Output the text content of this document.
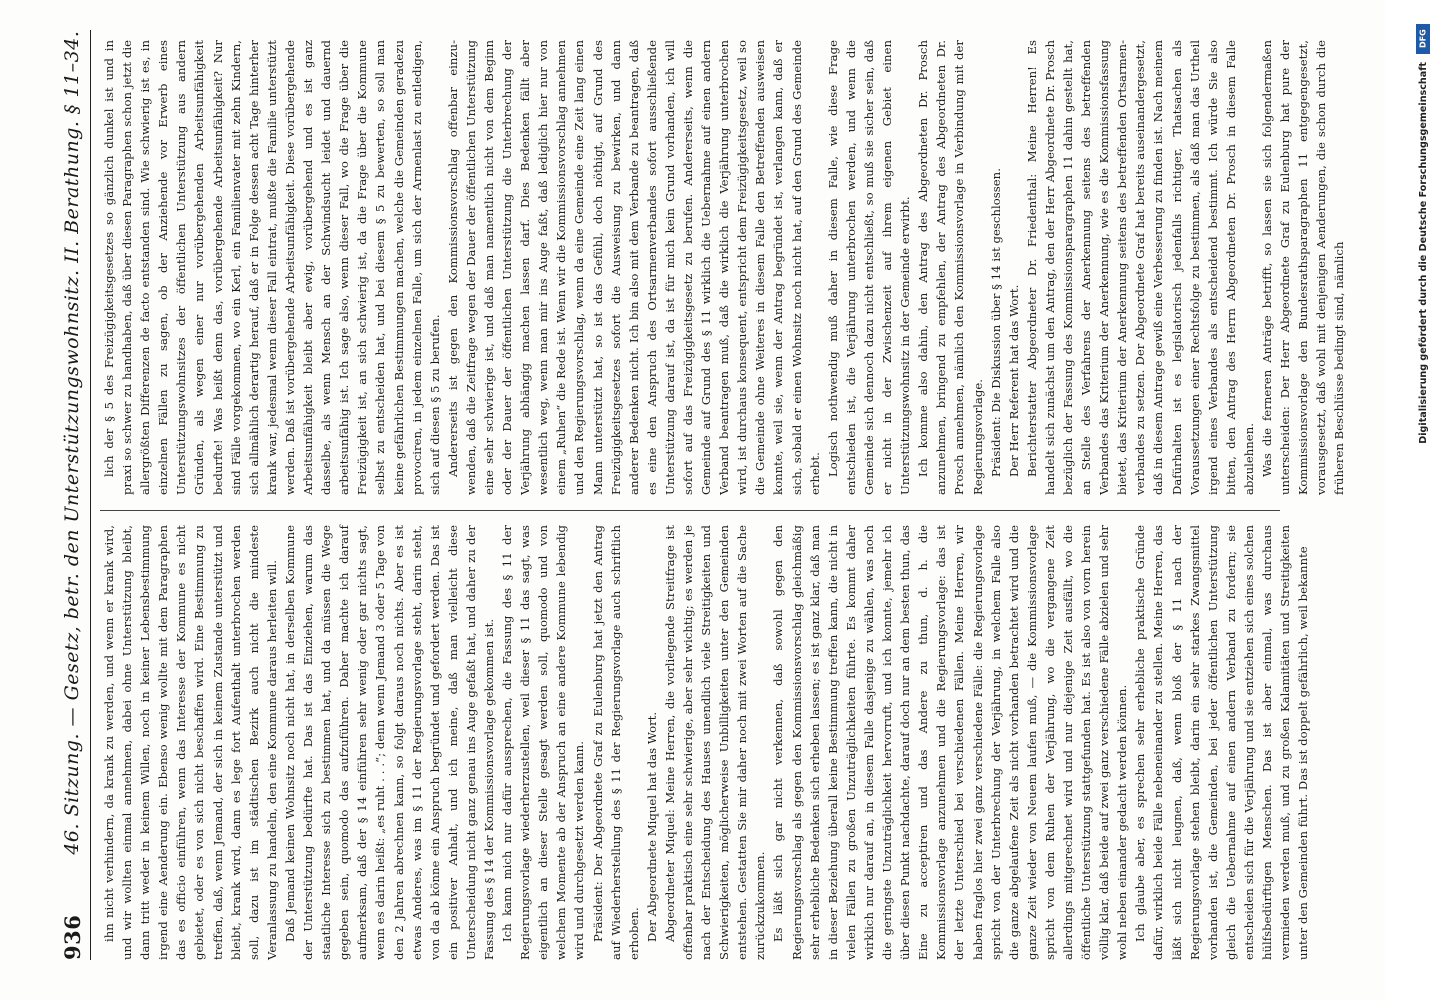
936
46. Sitzung. — Gesetz, betr. den Unterstützungswohnsitz. II. Berathung. § 11–34. ihn nicht verhindern, da krank zu werden, und wenn er krank wird, und wir wollten einmal annehmen, dabei ohne Unterstützung bleibt, dann tritt weder in keinem Willen, noch in keiner Lebensbestimmung irgend eine Aenderung ein. Ebenso wenig wollte mit dem Paragraphen das es officio einführen, wenn das Interesse der Kommune es nicht gebietet, oder es von sich nicht beschaffen wird. Eine Bestimmung zu treffen, daß, wenn Jemand, der sich in keinem Zustande unterstützt und bleibt, krank wird, dann es lege fort Aufenthalt unterbrochen werden soll, dazu ist im städtischen Bezirk auch nicht die mindeste Veranlassung zu handeln, den eine Kommune daraus herleiten will. Daß Jemand keinen Wohnsitz noch nicht hat, in derselben Kommune der Unterstützung bedürfte hat. Das ist das Einziehen, warum das staatliche Interesse sich zu bestimmen hat, und da müssen die Wege gegeben sein, quomodo das aufzuführen. Daher machte ich darauf aufmerksam, daß der § 14 einführen sehr wenig oder gar nichts sagt, wenn es darin heißt: „es ruht . . .“; denn wenn Jemand 3 oder 5 Tage von den 2 Jahren abrechnen kann, so folgt daraus noch nichts. Aber es ist etwas Anderes, was im § 11 der Regierungsvorlage steht, darin steht, von da ab könne ein Anspruch begründet und gefordert werden. Das ist ein positiver Anhalt, und ich meine, daß man vielleicht diese Unterscheidung nicht ganz genau ins Auge gefaßt hat, und daher zu der Fassung des § 14 der Kommissionsvorlage gekommen ist. Ich kann mich nur dafür aussprechen, die Fassung des § 11 der Regierungsvorlage wiederherzustellen, weil dieser § 11 das sagt, was eigentlich an dieser Stelle gesagt werden soll, quomodo und von welchem Momente ab der Anspruch an eine andere Kommune lebendig wird und durchgesetzt werden kann. Präsident: Der Abgeordnete Graf zu Eulenburg hat jetzt den Antrag auf Wiederherstellung des § 11 der Regierungsvorlage auch schriftlich erhoben. Der Abgeordnete Miquel hat das Wort. Abgeordneter Miquel: Meine Herren, die vorliegende Streitfrage ist offenbar praktisch eine sehr schwierige, aber sehr wichtig; es werden je nach der Entscheidung des Hauses unendlich viele Streitigkeiten und Schwierigkeiten, möglicherweise Unbilligkeiten unter den Gemeinden entstehen. Gestatten Sie mir daher noch mit zwei Worten auf die Sache zurückzukommen. Es läßt sich gar nicht verkennen, daß sowohl gegen den Regierungsvorschlag als gegen den Kommissionsvorschlag gleichmäßig sehr erhebliche Bedenken sich erheben lassen; es ist ganz klar, daß man in dieser Beziehung überall keine Bestimmung treffen kann, die nicht in vielen Fällen zu großen Unzuträglichkeiten führte. Es kommt daher wirklich nur darauf an, in diesem Falle dasjenige zu wählen, was noch die geringste Unzuträglichkeit hervorruft, und ich konnte, jemehr ich über diesen Punkt nachdachte, darauf doch nur an dem besten thun, das Eine zu acceptiren und das Andere zu thun, d. h. die Kommissionsvorlage anzunehmen und die Regierungsvorlage: das ist der letzte Unterschied bei verschiedenen Fällen. Meine Herren, wir haben fraglos hier zwei ganz verschiedene Fälle: die Regierungsvorlage spricht von der Unterbrechung der Verjährung, in welchem Falle also die ganze abgelaufene Zeit als nicht vorhanden betrachtet wird und die ganze Zeit wieder von Neuem laufen muß, — die Kommissionsvorlage spricht von dem Ruhen der Verjährung, wo die vergangene Zeit allerdings mitgerechnet wird und nur diejenige Zeit ausfällt, wo die öffentliche Unterstützung stattgefunden hat. Es ist also von vorn herein völlig klar, daß beide auf zwei ganz verschiedene Fälle abzielen und sehr wohl neben einander gedacht werden können. Ich glaube aber, es sprechen sehr erhebliche praktische Gründe dafür, wirklich beide Fälle nebeneinander zu stellen. Meine Herren, das läßt sich nicht leugnen, daß, wenn bloß der § 11 nach der Regierungsvorlage stehen bleibt, darin ein sehr starkes Zwangsmittel vorhanden ist, die Gemeinden, bei jeder öffentlichen Unterstützung gleich die Uebernahme auf einen andern Verband zu fordern; sie entscheiden sich für die Verjährung und sie entziehen sich eines solchen hülfsbedürftigen Menschen. Das ist aber einmal, was durchaus vermieden werden muß, und zu großen Kalamitäten und Streitigkeiten unter den Gemeinden führt. Das ist doppelt gefährlich, weil bekannte

lich der § 5 des Freizügigkeitsgesetzes so gänzlich dunkel ist und in praxi so schwer zu handhaben, daß über diesen Paragraphen schon jetzt die allergrößten Differenzen de facto entstanden sind. Wie schwierig ist es, in einzelnen Fällen zu sagen, ob der Anziehende vor Erwerb eines Unterstützungswohnsitzes der öffentlichen Unterstützung aus andern Gründen, als wegen einer nur vorübergehenden Arbeitsunfähigkeit bedurfte! Was heißt denn das, vorübergehende Arbeitsunfähigkeit? Nur sind Fälle vorgekommen, wo ein Kerl, ein Familienvater mit zehn Kindern, sich allmählich derartig herauf, daß er in Folge dessen acht Tage hinterher krank war, jedesmal wenn dieser Fall eintrat, mußte die Familie unterstützt werden. Daß ist vorübergehende Arbeitsunfähigkeit. Diese vorübergehende Arbeitsunfähigkeit bleibt aber ewig, vorübergehend und es ist ganz dasselbe, als wenn Mensch an der Schwindsucht leidet und dauernd arbeitsunfähig ist. Ich sage also, wenn dieser Fall, wo die Frage über die Freizügigkeit ist, an sich schwierig ist, da die Frage über die Kommune selbst zu entscheiden hat, und bei diesem § 5 zu bewerten, so soll man keine gefährlichen Bestimmungen machen, welche die Gemeinden geradezu provociren, in jedem einzelnen Falle, um sich der Armenlast zu entledigen, sich auf diesen § 5 zu berufen. Andererseits ist gegen den Kommissionsvorschlag offenbar einzuwenden, daß die Zeitfrage wegen der Dauer der öffentlichen Unterstützung eine sehr schwierige ist, und daß man namentlich nicht von dem Beginn oder der Dauer der öffentlichen Unterstützung die Unterbrechung der Verjährung abhängig machen lassen darf. Dies Bedenken fällt aber wesentlich weg, wenn man mir ins Auge faßt, daß lediglich hier nur von einem „Ruhen“ die Rede ist. Wenn wir die Kommissionsvorschlag annehmen und den Regierungsvorschlag, wenn da eine Gemeinde eine Zeit lang einen Mann unterstützt hat, so ist das Gefühl, doch nöthigt, auf Grund des Freizügigkeitsgesetzes sofort die Ausweisung zu bewirken, und dann anderer Bedenken nicht. Ich bin also mit dem Verbande zu beantragen, daß es eine den Anspruch des Ortsarmenverbandes sofort ausschließende Unterstützung darauf ist, da ist für mich kein Grund vorhanden, ich will sofort auf das Freizügigkeitsgesetz zu berufen. Andererseits, wenn die Gemeinde auf Grund des § 11 wirklich die Uebernahme auf einen andern Verband beantragen muß, daß die wirklich die Verjährung unterbrochen wird, ist durchaus konsequent, entspricht dem Freizügigkeitsgesetz, weil so die Gemeinde ohne Weiteres in diesem Falle den Betreffenden ausweisen konnte, weil sie, wenn der Antrag begründet ist, verlangen kann, daß er sich, sobald er einen Wohnsitz noch nicht hat, auf den Grund des Gemeinde erhebt. Logisch nothwendig muß daher in diesem Falle, wie diese Frage entschieden ist, die Verjährung unterbrochen werden, und wenn die Gemeinde sich dennoch dazu nicht entschließt, so muß sie sicher sein, daß er nicht in der Zwischenzeit auf ihrem eigenen Gebiet einen Unterstützungswohnsitz in der Gemeinde erwirbt. Ich komme also dahin, den Antrag des Abgeordneten Dr. Prosch anzunehmen, bringend zu empfehlen, der Antrag des Abgeordneten Dr. Prosch annehmen, nämlich den Kommissionsvorlage in Verbindung mit der Regierungsvorlage. Präsident: Die Diskussion über § 14 ist geschlossen. Der Herr Referent hat das Wort. Berichterstatter Abgeordneter Dr. Friedenthal: Meine Herren! Es handelt sich zunächst um den Antrag, den der Herr Abgeordnete Dr. Prosch bezüglich der Fassung des Kommissionsparagraphen 11 dahin gestellt hat, an Stelle des Verfahrens der Anerkennung seitens des betreffenden Verbandes das Kriterium der Anerkennung, wie es die Kommissionsfassung bietet, das Kriterium der Anerkennung seitens des betreffenden Ortsarmenverbandes zu setzen. Der Abgeordnete Graf hat bereits auseinandergesetzt, daß in diesem Antrage gewiß eine Verbesserung zu finden ist. Nach meinem Dafürhalten ist es legislatorisch jedenfalls richtiger, Thatsachen als Voraussetzungen einer Rechtsfolge zu bestimmen, als daß man das Urtheil irgend eines Verbandes als entscheidend bestimmt. Ich würde Sie also bitten, den Antrag des Herrn Abgeordneten Dr. Prosch in diesem Falle abzulehnen. Was die ferneren Anträge betrifft, so lassen sie sich folgendermaßen unterscheiden: Der Herr Abgeordnete Graf zu Eulenburg hat pure der Kommissionsvorlage den Bundesrathsparagraphen 11 entgegengesetzt, vorausgesetzt, daß wohl mit denjenigen Aenderungen, die schon durch die früheren Beschlüsse bedingt sind, nämlich

DFG
Digitalisierung gefördert durch die Deutsche Forschungsgemeinschaft
